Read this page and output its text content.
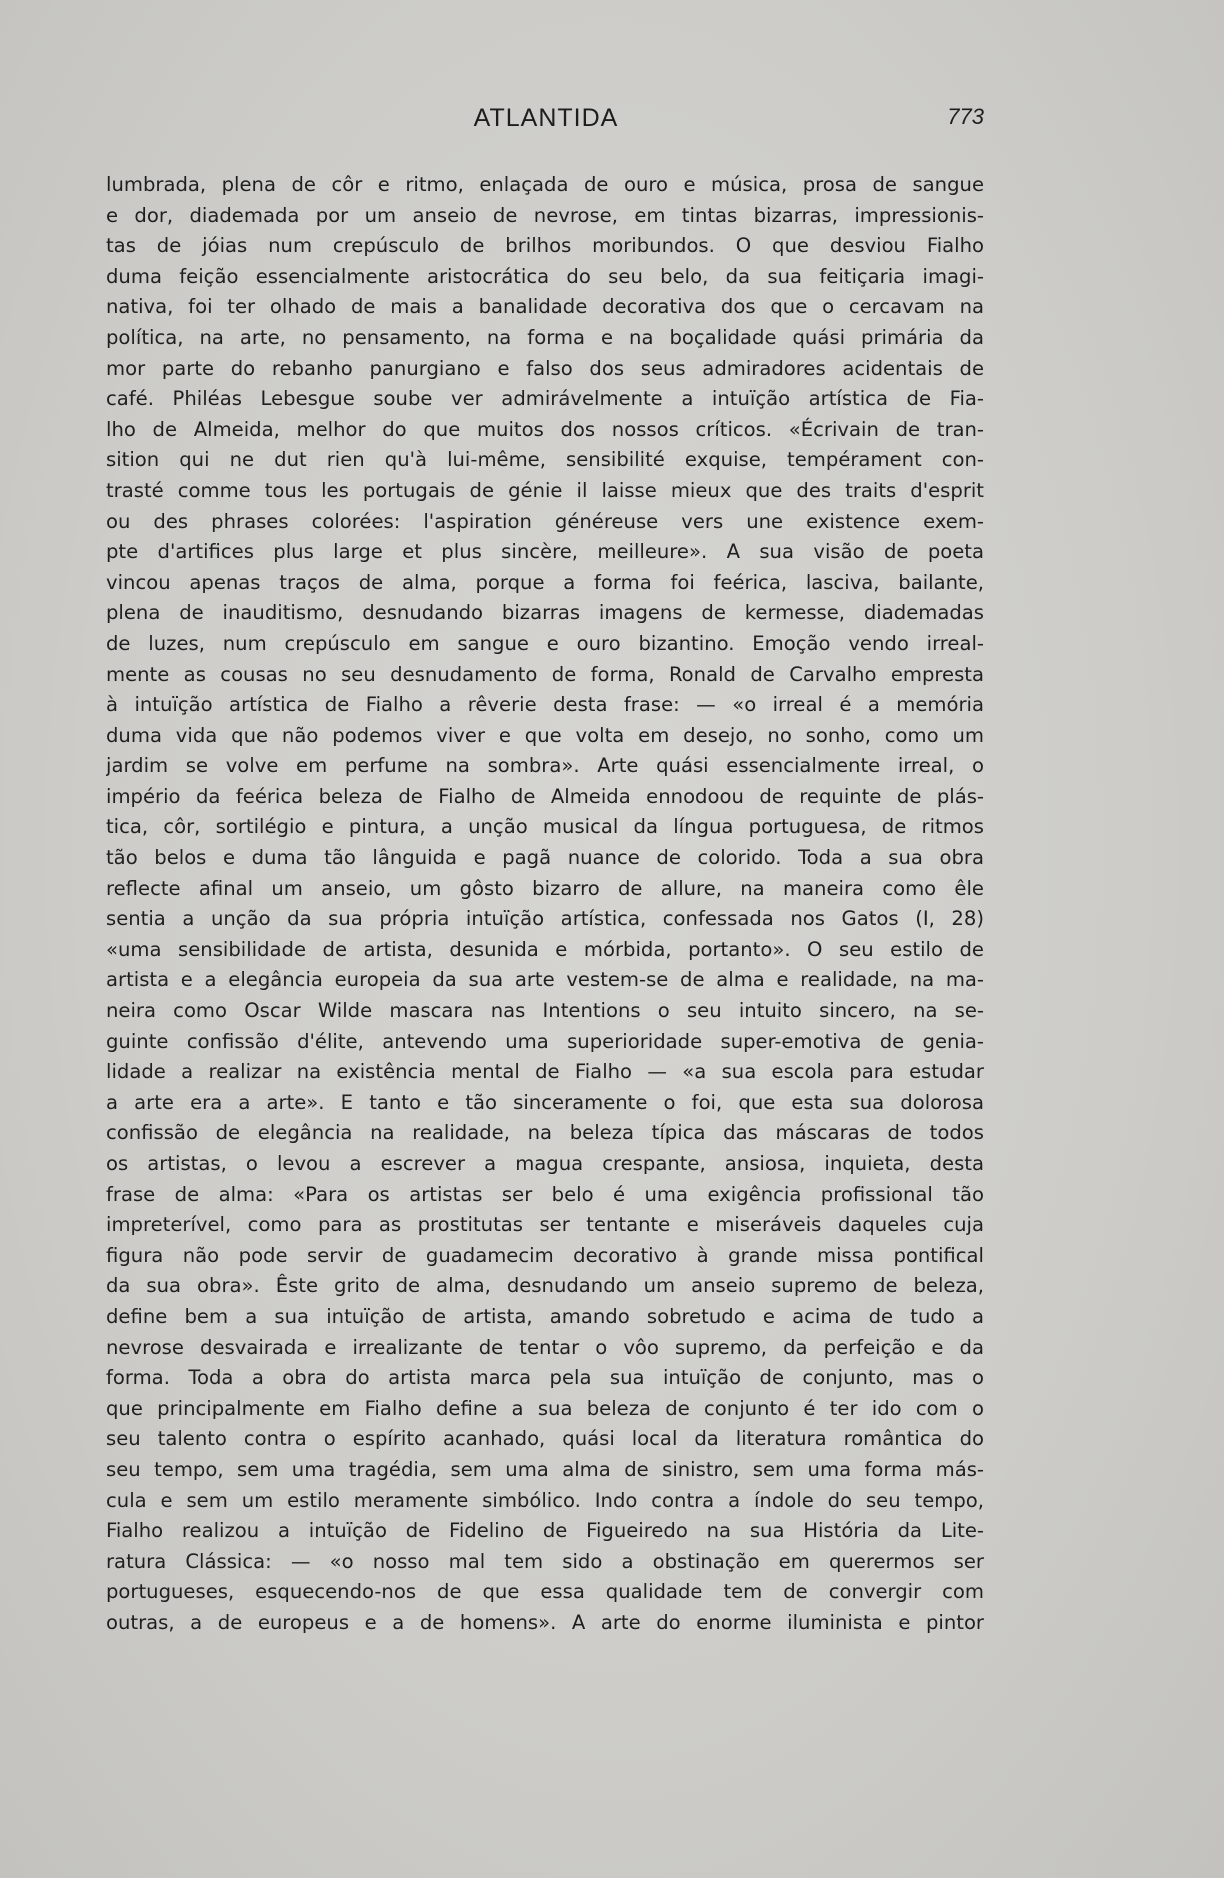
ATLANTIDA	773
lumbrada, plena de côr e ritmo, enlaçada de ouro e música, prosa de sangue
e dor, diademada por um anseio de nevrose, em tintas bizarras, impressionis-
tas de jóias num crepúsculo de brilhos moribundos. O que desviou Fialho
duma feição essencialmente aristocrática do seu belo, da sua feitiçaria imagi-
nativa, foi ter olhado de mais a banalidade decorativa dos que o cercavam na
política, na arte, no pensamento, na forma e na boçalidade quási primária da
mor parte do rebanho panurgiano e falso dos seus admiradores acidentais de
café. Philéas Lebesgue soube ver admirávelmente a intuïção artística de Fia-
lho de Almeida, melhor do que muitos dos nossos críticos. «Écrivain de tran-
sition qui ne dut rien qu'à lui-même, sensibilité exquise, tempérament con-
trasté comme tous les portugais de génie il laisse mieux que des traits d'esprit
ou des phrases colorées: l'aspiration généreuse vers une existence exem-
pte d'artifices plus large et plus sincère, meilleure». A sua visão de poeta
vincou apenas traços de alma, porque a forma foi feérica, lasciva, bailante,
plena de inauditismo, desnudando bizarras imagens de kermesse, diademadas
de luzes, num crepúsculo em sangue e ouro bizantino. Emoção vendo irreal-
mente as cousas no seu desnudamento de forma, Ronald de Carvalho empresta
à intuïção artística de Fialho a rêverie desta frase: — «o irreal é a memória
duma vida que não podemos viver e que volta em desejo, no sonho, como um
jardim se volve em perfume na sombra». Arte quási essencialmente irreal, o
império da feérica beleza de Fialho de Almeida ennodoou de requinte de plás-
tica, côr, sortilégio e pintura, a unção musical da língua portuguesa, de ritmos
tão belos e duma tão lânguida e pagã nuance de colorido. Toda a sua obra
reflecte afinal um anseio, um gôsto bizarro de allure, na maneira como êle
sentia a unção da sua própria intuïção artística, confessada nos Gatos (I, 28)
«uma sensibilidade de artista, desunida e mórbida, portanto». O seu estilo de
artista e a elegância europeia da sua arte vestem-se de alma e realidade, na ma-
neira como Oscar Wilde mascara nas Intentions o seu intuito sincero, na se-
guinte confissão d'élite, antevendo uma superioridade super-emotiva de genia-
lidade a realizar na existência mental de Fialho — «a sua escola para estudar
a arte era a arte». E tanto e tão sinceramente o foi, que esta sua dolorosa
confissão de elegância na realidade, na beleza típica das máscaras de todos
os artistas, o levou a escrever a magua crespante, ansiosa, inquieta, desta
frase de alma: «Para os artistas ser belo é uma exigência profissional tão
impreterível, como para as prostitutas ser tentante e miseráveis daqueles cuja
figura não pode servir de guadamecim decorativo à grande missa pontifical
da sua obra». Êste grito de alma, desnudando um anseio supremo de beleza,
define bem a sua intuïção de artista, amando sobretudo e acima de tudo a
nevrose desvairada e irrealizante de tentar o vôo supremo, da perfeição e da
forma. Toda a obra do artista marca pela sua intuïção de conjunto, mas o
que principalmente em Fialho define a sua beleza de conjunto é ter ido com o
seu talento contra o espírito acanhado, quási local da literatura romântica do
seu tempo, sem uma tragédia, sem uma alma de sinistro, sem uma forma más-
cula e sem um estilo meramente simbólico. Indo contra a índole do seu tempo,
Fialho realizou a intuïção de Fidelino de Figueiredo na sua História da Lite-
ratura Clássica: — «o nosso mal tem sido a obstinação em querermos ser
portugueses, esquecendo-nos de que essa qualidade tem de convergir com
outras, a de europeus e a de homens». A arte do enorme iluminista e pintor
